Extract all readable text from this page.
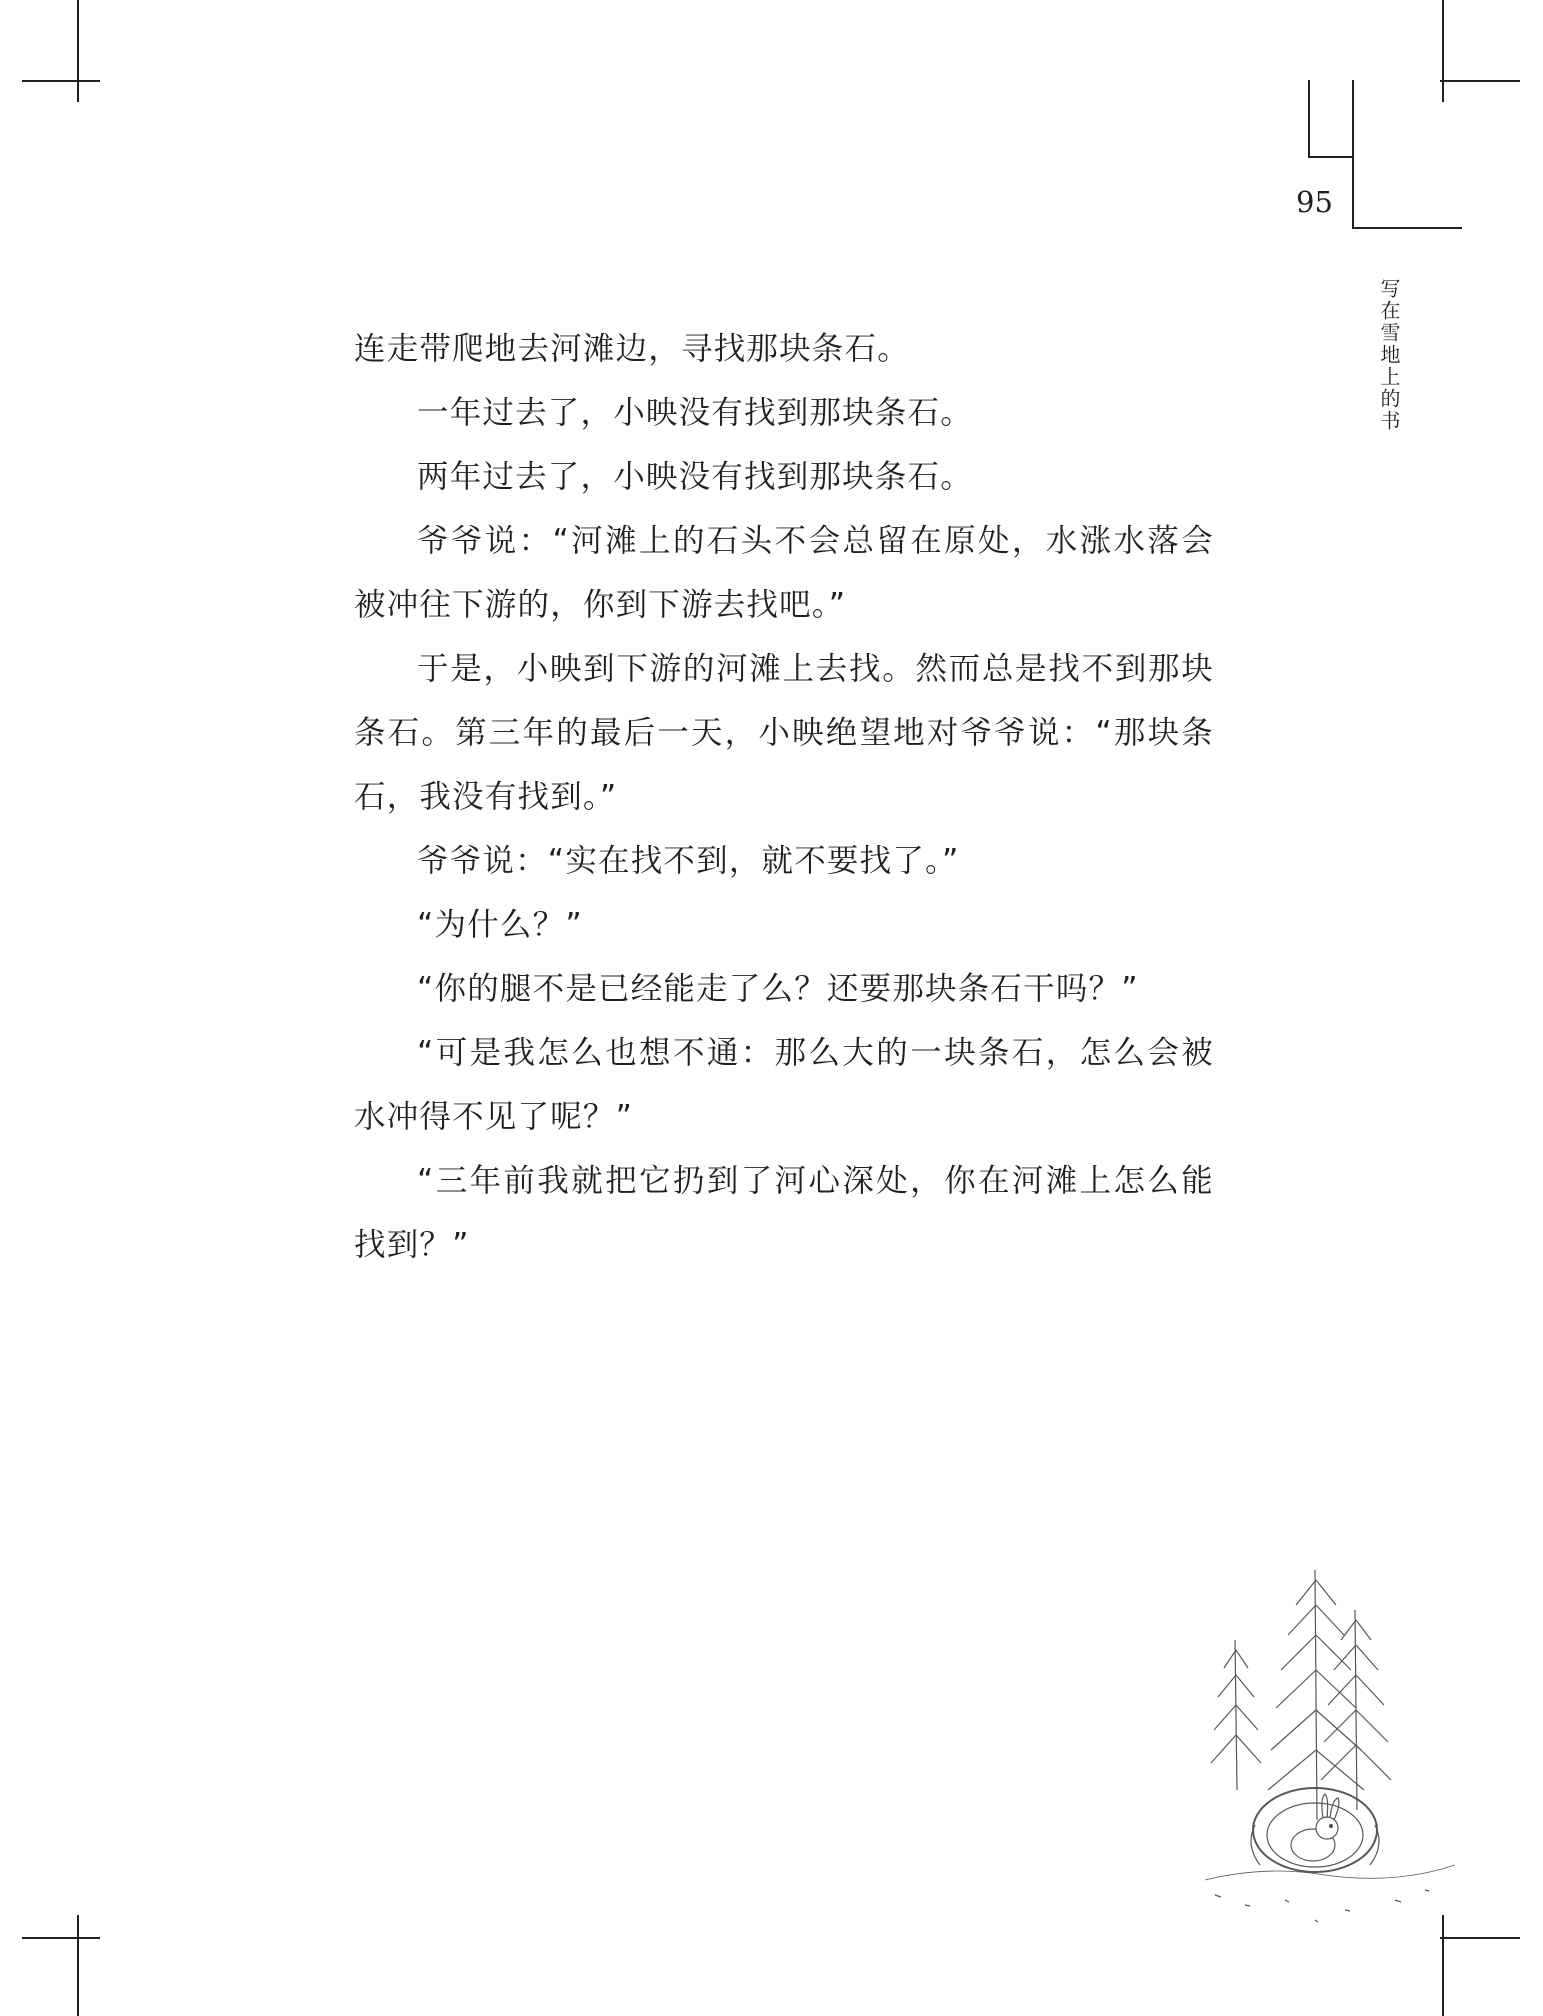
95
写在雪地上的书

连走带爬地去河滩边，寻找那块条石。

一年过去了，小映没有找到那块条石。

两年过去了，小映没有找到那块条石。

爷爷说：“河滩上的石头不会总留在原处，水涨水落会被冲往下游的，你到下游去找吧。”

于是，小映到下游的河滩上去找。然而总是找不到那块条石。第三年的最后一天，小映绝望地对爷爷说：“那块条石，我没有找到。”

爷爷说：“实在找不到，就不要找了。”

“为什么？”

“你的腿不是已经能走了么？还要那块条石干吗？”

“可是我怎么也想不通：那么大的一块条石，怎么会被水冲得不见了呢？”

“三年前我就把它扔到了河心深处，你在河滩上怎么能找到？”
